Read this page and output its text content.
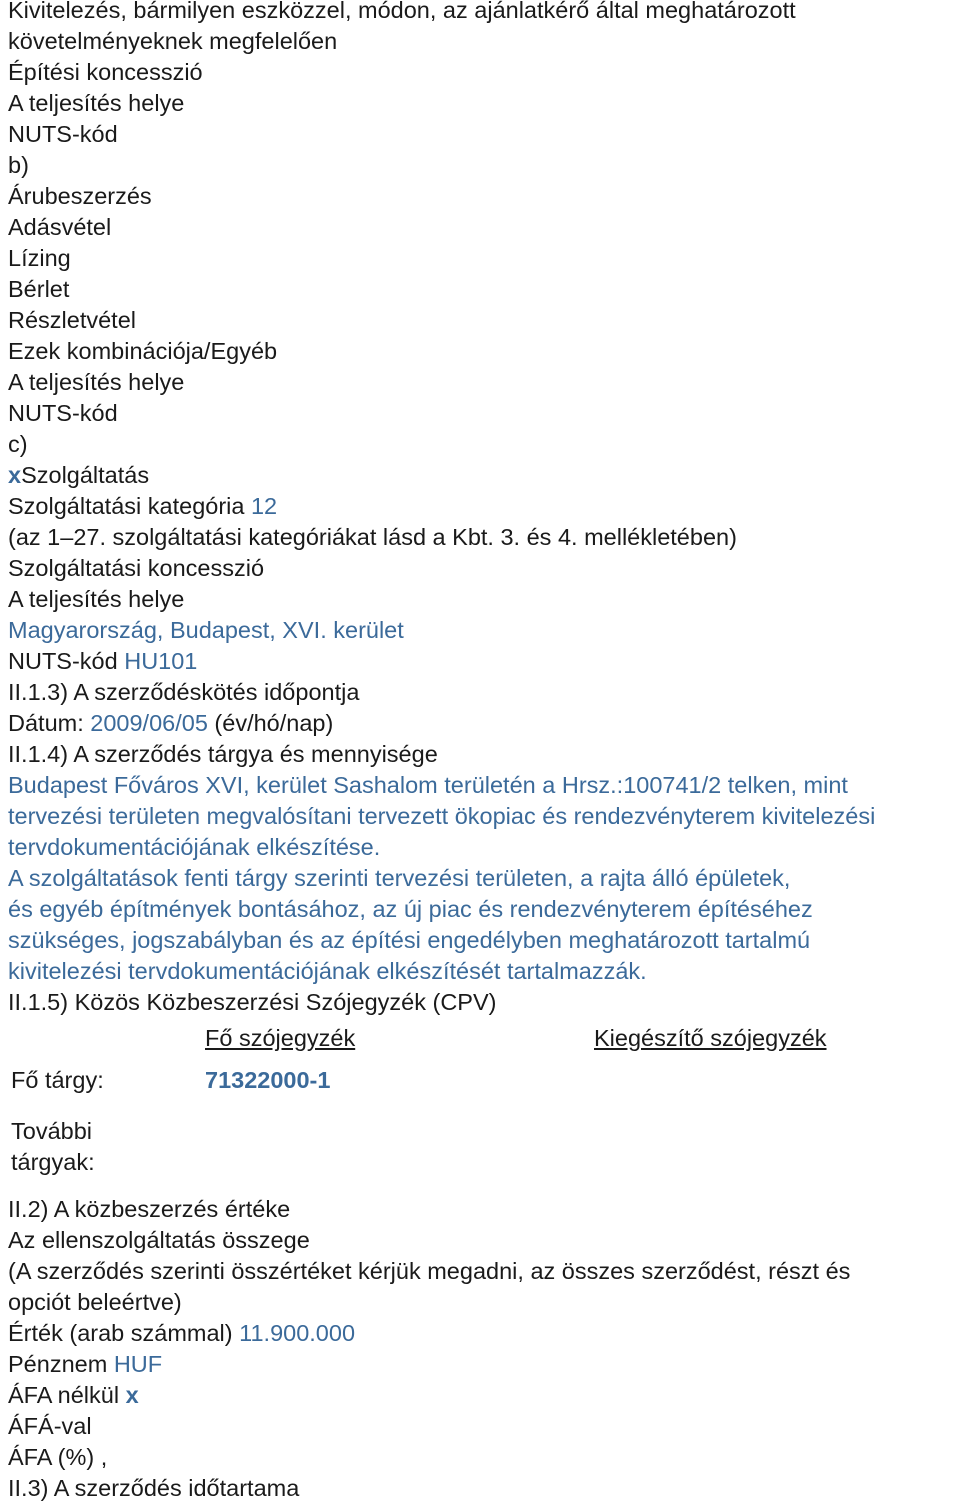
Kivitelezés, bármilyen eszközzel, módon, az ajánlatkérő által meghatározott
követelményeknek megfelelően
Építési koncesszió
A teljesítés helye
NUTS-kód
b)
Árubeszerzés
Adásvétel
Lízing
Bérlet
Részletvétel
Ezek kombinációja/Egyéb
A teljesítés helye
NUTS-kód
c)
xSzolgáltatás
Szolgáltatási kategória 12
(az 1–27. szolgáltatási kategóriákat lásd a Kbt. 3. és 4. mellékletében)
Szolgáltatási koncesszió
A teljesítés helye
Magyarország, Budapest, XVI. kerület
NUTS-kód HU101
II.1.3) A szerződéskötés időpontja
Dátum: 2009/06/05 (év/hó/nap)
II.1.4) A szerződés tárgya és mennyisége
Budapest Főváros XVI, kerület Sashalom területén a Hrsz.:100741/2 telken, mint
tervezési területen megvalósítani tervezett ökopiac és rendezvényterem kivitelezési
tervdokumentációjának elkészítése.
A szolgáltatások fenti tárgy szerinti tervezési területen, a rajta álló épületek,
és egyéb építmények bontásához, az új piac és rendezvényterem építéséhez
szükséges, jogszabályban és az építési engedélyben meghatározott tartalmú
kivitelezési tervdokumentációjának elkészítését tartalmazzák.
II.1.5) Közös Közbeszerzési Szójegyzék (CPV)
Fő szójegyzék	Kiegészítő szójegyzék
Fő tárgy:	71322000-1
További
tárgyak:
II.2) A közbeszerzés értéke
Az ellenszolgáltatás összege
(A szerződés szerinti összértéket kérjük megadni, az összes szerződést, részt és
opciót beleértve)
Érték (arab számmal) 11.900.000
Pénznem HUF
ÁFA nélkül x
ÁFÁ-val
ÁFA (%) ,
II.3) A szerződés időtartama
